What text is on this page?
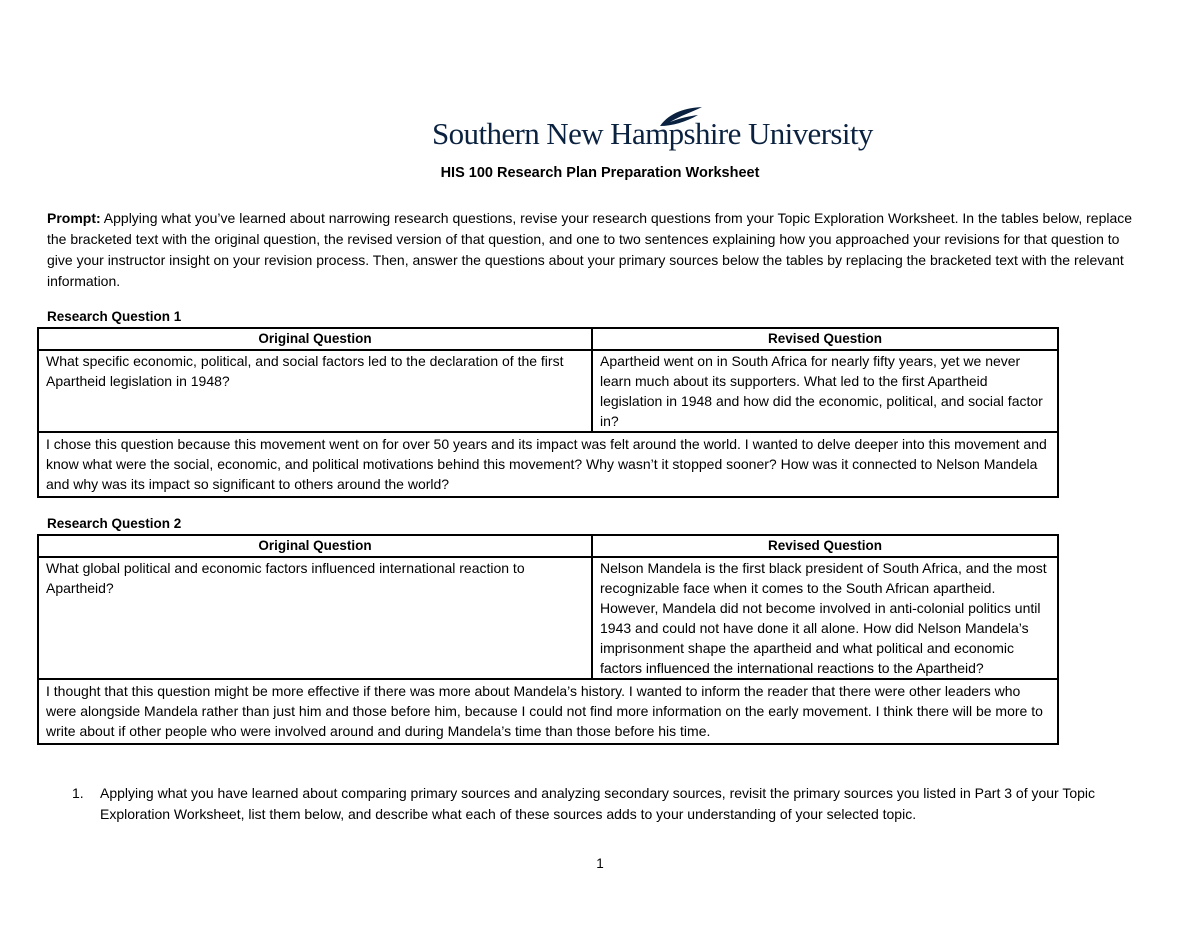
Southern New Hampshire University
HIS 100 Research Plan Preparation Worksheet
Prompt: Applying what you’ve learned about narrowing research questions, revise your research questions from your Topic Exploration Worksheet. In the tables below, replace the bracketed text with the original question, the revised version of that question, and one to two sentences explaining how you approached your revisions for that question to give your instructor insight on your revision process. Then, answer the questions about your primary sources below the tables by replacing the bracketed text with the relevant information.
Research Question 1
Original Question	Revised Question
What specific economic, political, and social factors led to the declaration of the first Apartheid legislation in 1948?	Apartheid went on in South Africa for nearly fifty years, yet we never learn much about its supporters. What led to the first Apartheid legislation in 1948 and how did the economic, political, and social factor in?
I chose this question because this movement went on for over 50 years and its impact was felt around the world. I wanted to delve deeper into this movement and know what were the social, economic, and political motivations behind this movement? Why wasn’t it stopped sooner? How was it connected to Nelson Mandela and why was its impact so significant to others around the world?	
Research Question 2
Original Question	Revised Question
What global political and economic factors influenced international reaction to Apartheid?	Nelson Mandela is the first black president of South Africa, and the most recognizable face when it comes to the South African apartheid. However, Mandela did not become involved in anti-colonial politics until 1943 and could not have done it all alone. How did Nelson Mandela’s imprisonment shape the apartheid and what political and economic factors influenced the international reactions to the Apartheid?
I thought that this question might be more effective if there was more about Mandela’s history. I wanted to inform the reader that there were other leaders who were alongside Mandela rather than just him and those before him, because I could not find more information on the early movement. I think there will be more to write about if other people who were involved around and during Mandela’s time than those before his time.	
1. Applying what you have learned about comparing primary sources and analyzing secondary sources, revisit the primary sources you listed in Part 3 of your Topic Exploration Worksheet, list them below, and describe what each of these sources adds to your understanding of your selected topic.
1
